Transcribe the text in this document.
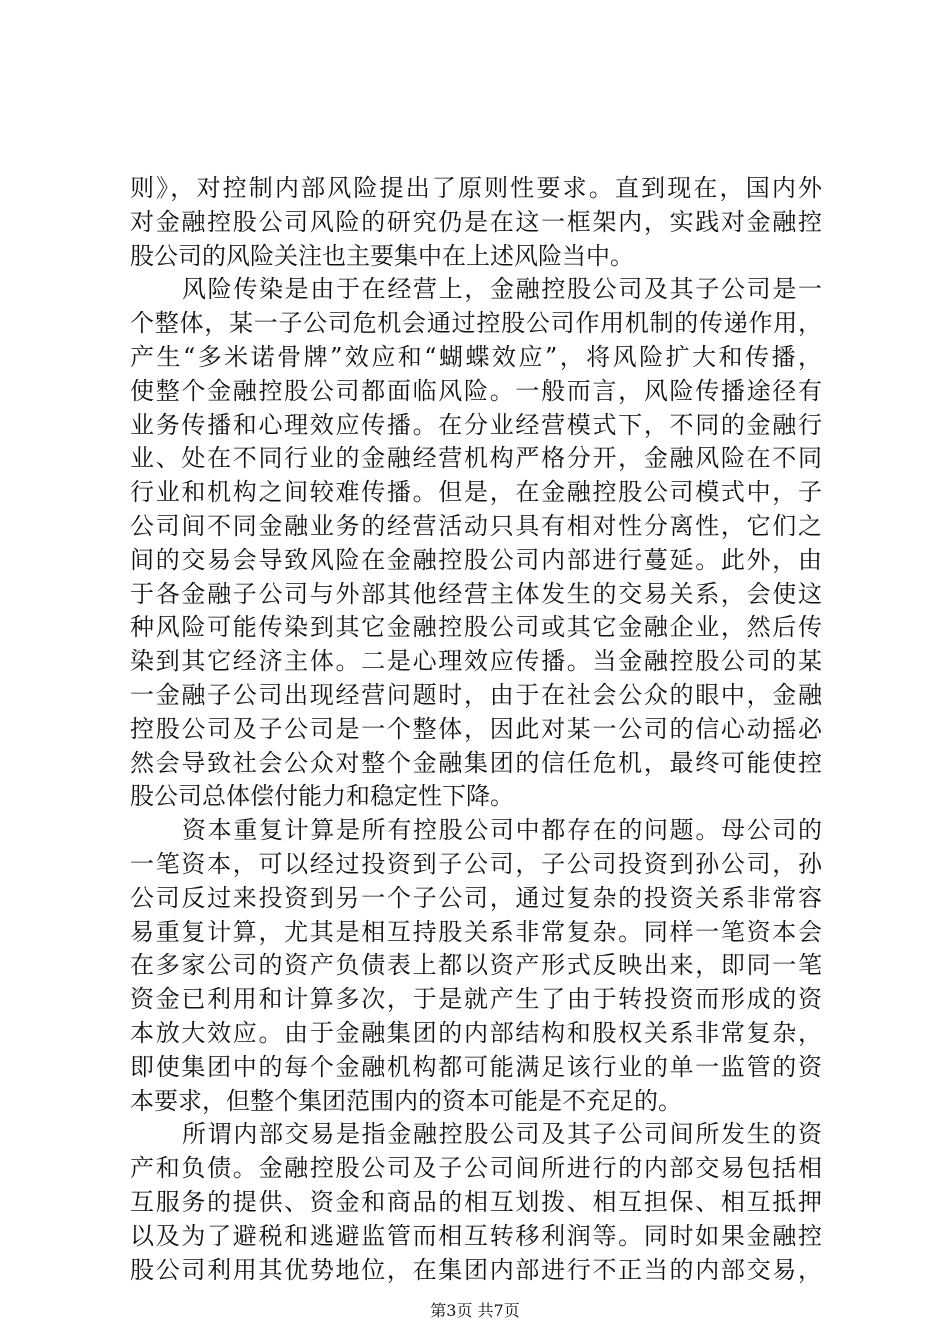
则》，对控制内部风险提出了原则性要求。直到现在，国内外
对金融控股公司风险的研究仍是在这一框架内，实践对金融控
股公司的风险关注也主要集中在上述风险当中。
风险传染是由于在经营上，金融控股公司及其子公司是一
个整体，某一子公司危机会通过控股公司作用机制的传递作用，
产生“多米诺骨牌”效应和“蝴蝶效应”，将风险扩大和传播，
使整个金融控股公司都面临风险。一般而言，风险传播途径有
业务传播和心理效应传播。在分业经营模式下，不同的金融行
业、处在不同行业的金融经营机构严格分开，金融风险在不同
行业和机构之间较难传播。但是，在金融控股公司模式中，子
公司间不同金融业务的经营活动只具有相对性分离性，它们之
间的交易会导致风险在金融控股公司内部进行蔓延。此外，由
于各金融子公司与外部其他经营主体发生的交易关系，会使这
种风险可能传染到其它金融控股公司或其它金融企业，然后传
染到其它经济主体。二是心理效应传播。当金融控股公司的某
一金融子公司出现经营问题时，由于在社会公众的眼中，金融
控股公司及子公司是一个整体，因此对某一公司的信心动摇必
然会导致社会公众对整个金融集团的信任危机，最终可能使控
股公司总体偿付能力和稳定性下降。
资本重复计算是所有控股公司中都存在的问题。母公司的
一笔资本，可以经过投资到子公司，子公司投资到孙公司，孙
公司反过来投资到另一个子公司，通过复杂的投资关系非常容
易重复计算，尤其是相互持股关系非常复杂。同样一笔资本会
在多家公司的资产负债表上都以资产形式反映出来，即同一笔
资金已利用和计算多次，于是就产生了由于转投资而形成的资
本放大效应。由于金融集团的内部结构和股权关系非常复杂，
即使集团中的每个金融机构都可能满足该行业的单一监管的资
本要求，但整个集团范围内的资本可能是不充足的。
所谓内部交易是指金融控股公司及其子公司间所发生的资
产和负债。金融控股公司及子公司间所进行的内部交易包括相
互服务的提供、资金和商品的相互划拨、相互担保、相互抵押
以及为了避税和逃避监管而相互转移利润等。同时如果金融控
股公司利用其优势地位，在集团内部进行不正当的内部交易，
第3页 共7页
